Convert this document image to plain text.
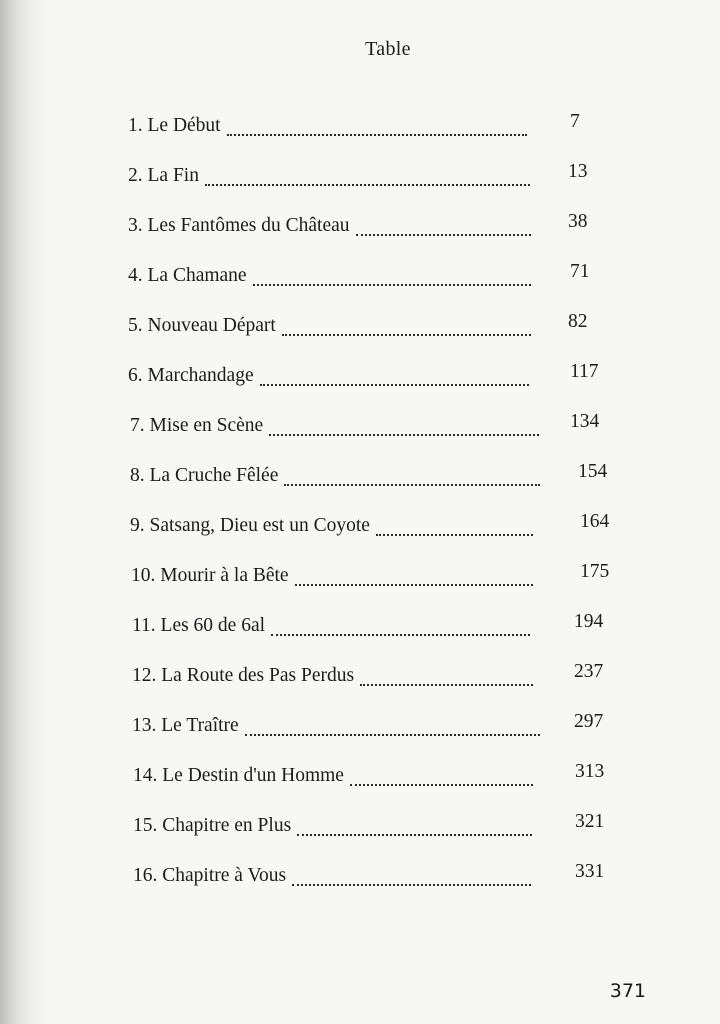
Table
1. Le Début	7
2. La Fin	13
3. Les Fantômes du Château	38
4. La Chamane	71
5. Nouveau Départ	82
6. Marchandage	117
7. Mise en Scène	134
8. La Cruche Fêlée	154
9. Satsang, Dieu est un Coyote	164
10. Mourir à la Bête	175
11. Les 60 de 6al	194
12. La Route des Pas Perdus	237
13. Le Traître	297
14. Le Destin d'un Homme	313
15. Chapitre en Plus	321
16. Chapitre à Vous	331
371
